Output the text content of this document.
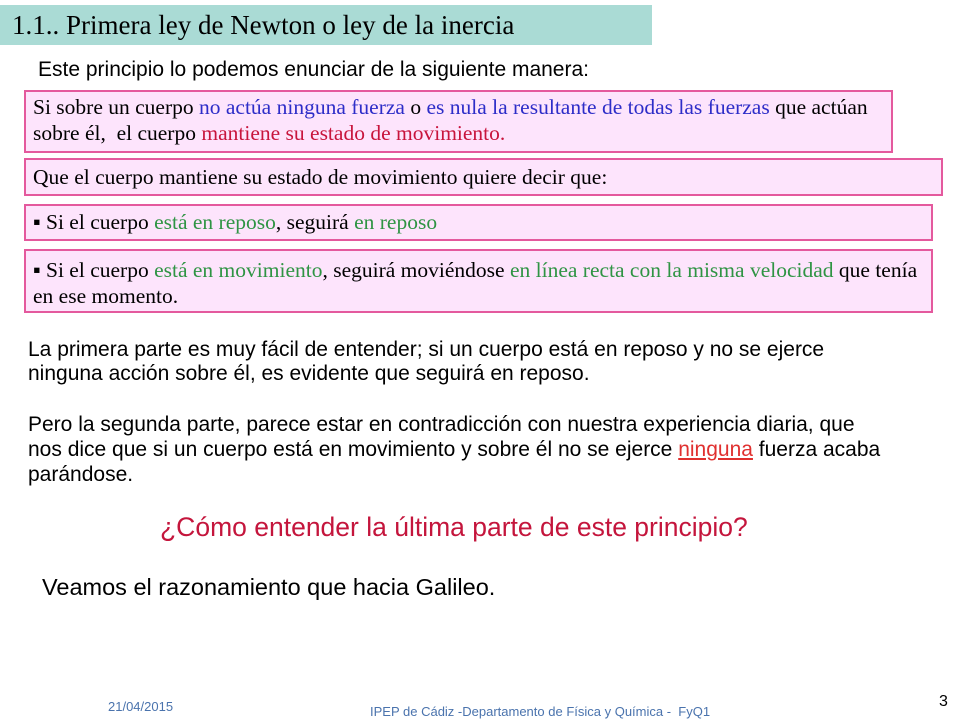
1.1.. Primera ley de Newton o ley de la inercia
Este principio lo podemos enunciar de la siguiente manera:
Si sobre un cuerpo no actúa ninguna fuerza o es nula la resultante de todas las fuerzas que actúan
sobre él,  el cuerpo mantiene su estado de movimiento.
Que el cuerpo mantiene su estado de movimiento quiere decir que:
▪ Si el cuerpo está en reposo, seguirá en reposo
▪ Si el cuerpo está en movimiento, seguirá moviéndose en línea recta con la misma velocidad que tenía
en ese momento.
La primera parte es muy fácil de entender; si un cuerpo está en reposo y no se ejerce
ninguna acción sobre él, es evidente que seguirá en reposo.
Pero la segunda parte, parece estar en contradicción con nuestra experiencia diaria, que
nos dice que si un cuerpo está en movimiento y sobre él no se ejerce ninguna fuerza acaba
parándose.
¿Cómo entender la última parte de este principio?
Veamos el razonamiento que hacia Galileo.
21/04/2015	IPEP de Cádiz -Departamento de Física y Química -  FyQ1
3
